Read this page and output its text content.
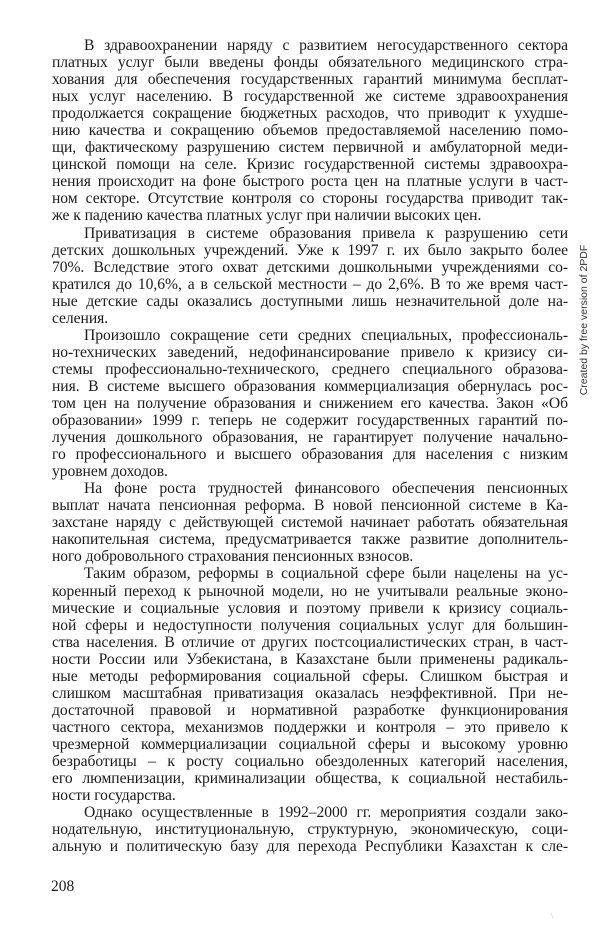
В здравоохранении наряду с развитием негосударственного сектора
платных услуг были введены фонды обязательного медицинского стра-
хования для обеспечения государственных гарантий минимума бесплат-
ных услуг населению. В государственной же системе здравоохранения
продолжается сокращение бюджетных расходов, что приводит к ухудше-
нию качества и сокращению объемов предоставляемой населению помо-
щи, фактическому разрушению систем первичной и амбулаторной меди-
цинской помощи на селе. Кризис государственной системы здравоохра-
нения происходит на фоне быстрого роста цен на платные услуги в част-
ном секторе. Отсутствие контроля со стороны государства приводит так-
же к падению качества платных услуг при наличии высоких цен.
Приватизация в системе образования привела к разрушению сети
детских дошкольных учреждений. Уже к 1997 г. их было закрыто более
70%. Вследствие этого охват детскими дошкольными учреждениями со-
кратился до 10,6%, а в сельской местности – до 2,6%. В то же время част-
ные детские сады оказались доступными лишь незначительной доле на-
селения.
Произошло сокращение сети средних специальных, профессиональ-
но-технических заведений, недофинансирование привело к кризису си-
стемы профессионально-технического, среднего специального образова-
ния. В системе высшего образования коммерциализация обернулась рос-
том цен на получение образования и снижением его качества. Закон «Об
образовании» 1999 г. теперь не содержит государственных гарантий по-
лучения дошкольного образования, не гарантирует получение начально-
го профессионального и высшего образования для населения с низким
уровнем доходов.
На фоне роста трудностей финансового обеспечения пенсионных
выплат начата пенсионная реформа. В новой пенсионной системе в Ка-
захстане наряду с действующей системой начинает работать обязательная
накопительная система, предусматривается также развитие дополнитель-
ного добровольного страхования пенсионных взносов.
Таким образом, реформы в социальной сфере были нацелены на ус-
коренный переход к рыночной модели, но не учитывали реальные эконо-
мические и социальные условия и поэтому привели к кризису социаль-
ной сферы и недоступности получения социальных услуг для большин-
ства населения. В отличие от других постсоциалистических стран, в част-
ности России или Узбекистана, в Казахстане были применены радикаль-
ные методы реформирования социальной сферы. Слишком быстрая и
слишком масштабная приватизация оказалась неэффективной. При не-
достаточной правовой и нормативной разработке функционирования
частного сектора, механизмов поддержки и контроля – это привело к
чрезмерной коммерциализации социальной сферы и высокому уровню
безработицы – к росту социально обездоленных категорий населения,
его люмпенизации, криминализации общества, к социальной нестабиль-
ности государства.
Однако осуществленные в 1992–2000 гг. мероприятия создали зако-
нодательную, институциональную, структурную, экономическую, соци-
альную и политическую базу для перехода Республики Казахстан к сле-
208
Created by free version of 2PDF
\
